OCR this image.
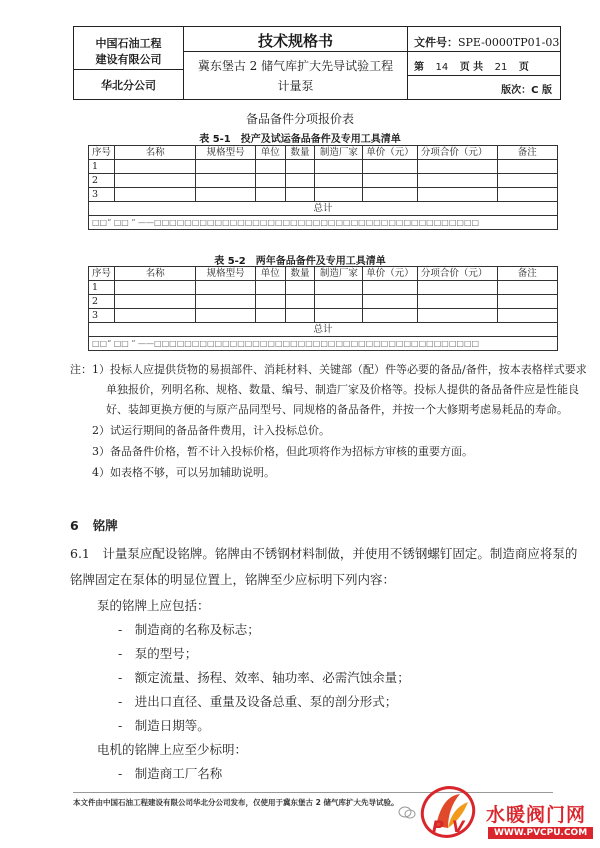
中国石油工程
建设有限公司
华北分公司
技术规格书
冀东堡古 2 储气库扩大先导试验工程
计量泵
文件号：SPE-0000TP01-03
第 14 页 共 21 页
版次：C 版
备品备件分项报价表
表 5-1　投产及试运备品备件及专用工具清单
序号	名称	规格型号	单位	数量	制造厂家	单价（元）	分项合价（元）	备注
1								
2								
3								
总计								
□□“ □□ ” ——□□□□□□□□□□□□□□□□□□□□□□□□□□□□□□□□□□□□□□□□□□□								
表 5-2　两年备品备件及专用工具清单
序号	名称	规格型号	单位	数量	制造厂家	单价（元）	分项合价（元）	备注
1								
2								
3								
总计								
□□“ □□ ” ——□□□□□□□□□□□□□□□□□□□□□□□□□□□□□□□□□□□□□□□□□□□								
注： 1）投标人应提供货物的易损部件、消耗材料、关键部（配）件等必要的备品/备件，按本表格样式要求
单独报价，列明名称、规格、数量、编号、制造厂家及价格等。投标人提供的备品备件应是性能良
好、装卸更换方便的与原产品同型号、同规格的备品备件，并按一个大修期考虑易耗品的寿命。
2）试运行期间的备品备件费用，计入投标总价。
3）备品备件价格，暂不计入投标价格，但此项将作为招标方审核的重要方面。
4）如表格不够，可以另加辅助说明。
6 铭牌
6.1　计量泵应配设铭牌。铭牌由不锈钢材料制做，并使用不锈钢螺钉固定。制造商应将泵的
铭牌固定在泵体的明显位置上，铭牌至少应标明下列内容：
泵的铭牌上应包括：
-　制造商的名称及标志；
-　泵的型号；
-　额定流量、扬程、效率、轴功率、必需汽蚀余量；
-　进出口直径、重量及设备总重、泵的剖分形式；
-　制造日期等。
电机的铭牌上应至少标明：
-　制造商工厂名称
本文件由中国石油工程建设有限公司华北分公司发布，仅使用于冀东堡古 2 储气库扩大先导试验。
P V
水暖阀门网
WWW.PVCPU.COM
